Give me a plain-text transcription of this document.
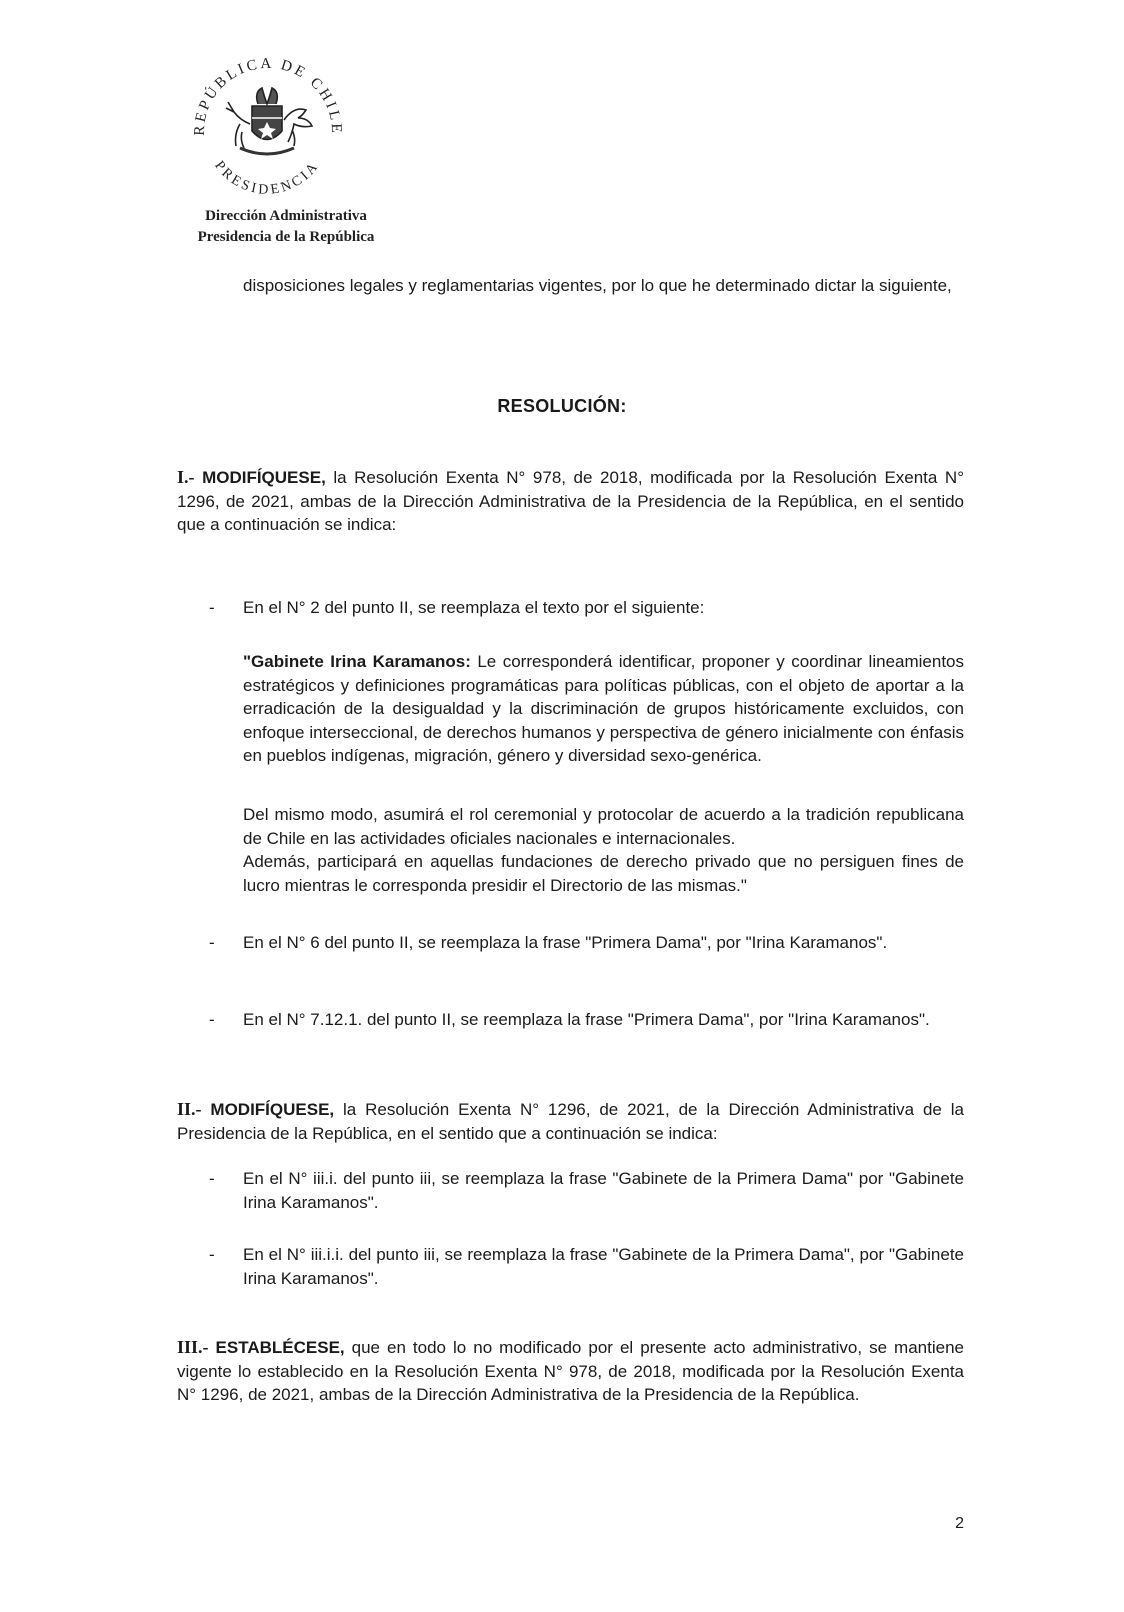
REPÚBLICA DE CHILE
PRESIDENCIA
Dirección Administrativa
Presidencia de la República

disposiciones legales y reglamentarias vigentes, por lo que he determinado dictar la siguiente,

RESOLUCIÓN:

I.- MODIFÍQUESE, la Resolución Exenta N° 978, de 2018, modificada por la Resolución Exenta N° 1296, de 2021, ambas de la Dirección Administrativa de la Presidencia de la República, en el sentido que a continuación se indica:

- En el N° 2 del punto II, se reemplaza el texto por el siguiente:

"Gabinete Irina Karamanos: Le corresponderá identificar, proponer y coordinar lineamientos estratégicos y definiciones programáticas para políticas públicas, con el objeto de aportar a la erradicación de la desigualdad y la discriminación de grupos históricamente excluidos, con enfoque interseccional, de derechos humanos y perspectiva de género inicialmente con énfasis en pueblos indígenas, migración, género y diversidad sexo-genérica.

Del mismo modo, asumirá el rol ceremonial y protocolar de acuerdo a la tradición republicana de Chile en las actividades oficiales nacionales e internacionales.

Además, participará en aquellas fundaciones de derecho privado que no persiguen fines de lucro mientras le corresponda presidir el Directorio de las mismas."

- En el N° 6 del punto II, se reemplaza la frase "Primera Dama", por "Irina Karamanos".

- En el N° 7.12.1. del punto II, se reemplaza la frase "Primera Dama", por "Irina Karamanos".

II.- MODIFÍQUESE, la Resolución Exenta N° 1296, de 2021, de la Dirección Administrativa de la Presidencia de la República, en el sentido que a continuación se indica:

- En el N° iii.i. del punto iii, se reemplaza la frase "Gabinete de la Primera Dama" por "Gabinete Irina Karamanos".

- En el N° iii.i.i. del punto iii, se reemplaza la frase "Gabinete de la Primera Dama", por "Gabinete Irina Karamanos".

III.- ESTABLÉCESE, que en todo lo no modificado por el presente acto administrativo, se mantiene vigente lo establecido en la Resolución Exenta N° 978, de 2018, modificada por la Resolución Exenta N° 1296, de 2021, ambas de la Dirección Administrativa de la Presidencia de la República.

2
